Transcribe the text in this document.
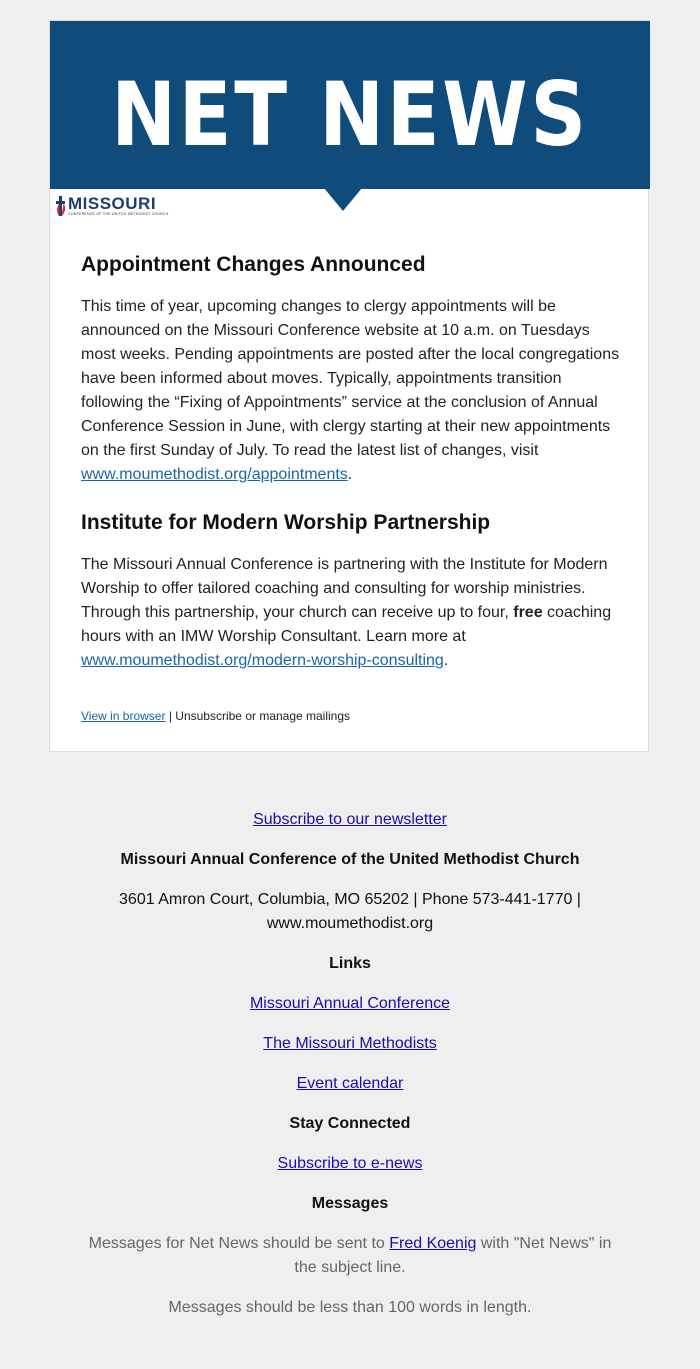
NET NEWS
MISSOURI
CONFERENCE OF THE UNITED METHODIST CHURCH
Appointment Changes Announced

This time of year, upcoming changes to clergy appointments will be announced on the Missouri Conference website at 10 a.m. on Tuesdays most weeks. Pending appointments are posted after the local congregations have been informed about moves. Typically, appointments transition following the “Fixing of Appointments” service at the conclusion of Annual Conference Session in June, with clergy starting at their new appointments on the first Sunday of July. To read the latest list of changes, visit www.moumethodist.org/appointments.

Institute for Modern Worship Partnership

The Missouri Annual Conference is partnering with the Institute for Modern Worship to offer tailored coaching and consulting for worship ministries. Through this partnership, your church can receive up to four, free coaching hours with an IMW Worship Consultant. Learn more at www.moumethodist.org/modern-worship-consulting.

View in browser | Unsubscribe or manage mailings
Subscribe to our newsletter
Missouri Annual Conference of the United Methodist Church
3601 Amron Court, Columbia, MO 65202 | Phone 573-441-1770 |
www.moumethodist.org
Links
Missouri Annual Conference
The Missouri Methodists
Event calendar
Stay Connected
Subscribe to e-news
Messages
Messages for Net News should be sent to Fred Koenig with "Net News" in
the subject line.
Messages should be less than 100 words in length.
